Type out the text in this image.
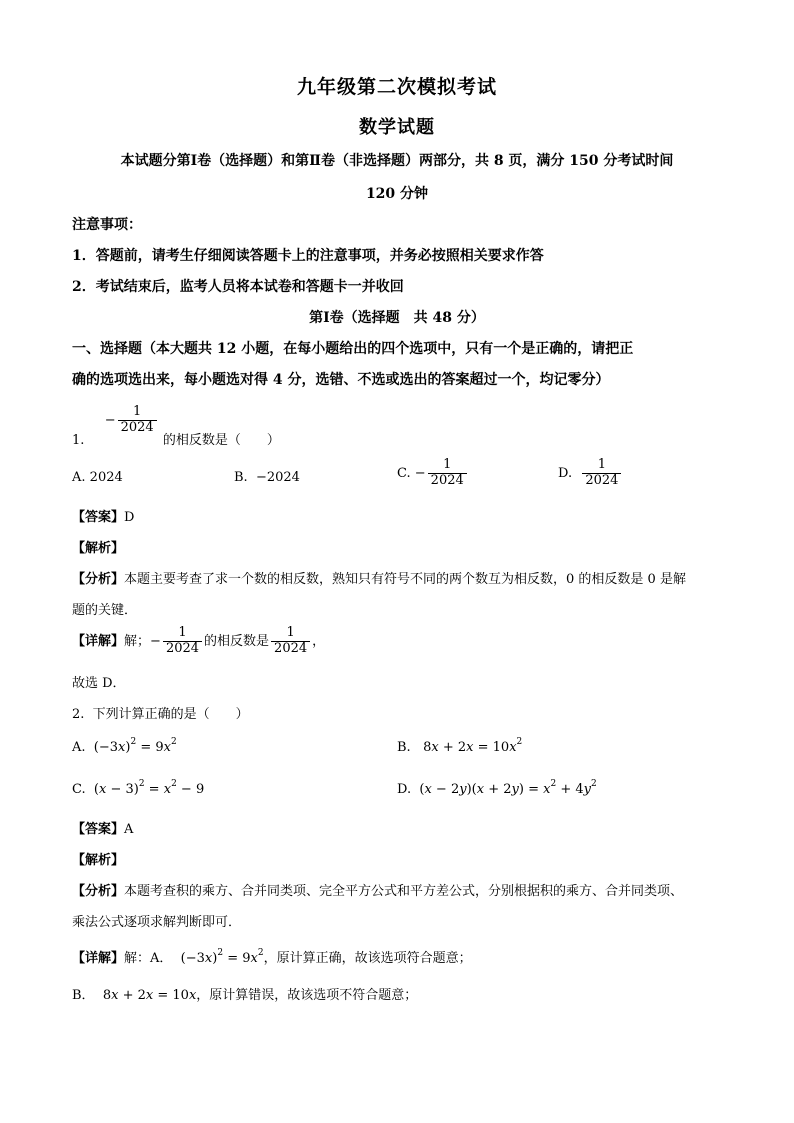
九年级第二次模拟考试
数学试题
本试题分第Ⅰ卷（选择题）和第Ⅱ卷（非选择题）两部分，共 8 页，满分 150 分考试时间
120 分钟
注意事项：
1．答题前，请考生仔细阅读答题卡上的注意事项，并务必按照相关要求作答
2．考试结束后，监考人员将本试卷和答题卡一并收回
第Ⅰ卷（选择题　共 48 分）
一、选择题（本大题共 12 小题，在每小题给出的四个选项中，只有一个是正确的，请把正
确的选项选出来，每小题选对得 4 分，选错、不选或选出的答案超过一个，均记零分）
1.  − $\frac{1}{2024}$
的相反数是（　　）
A. 2024	B. −2024	C. − $\frac{1}{2024}$	D. $\frac{1}{2024}$
【答案】D
【解析】
【分析】本题主要考查了求一个数的相反数，熟知只有符号不同的两个数互为相反数，0 的相反数是 0 是解
题的关键．
【详解】解；− $\frac{1}{2024}$ 的相反数是 $\frac{1}{2024}$ ，
故选 D．
2. 下列计算正确的是（　　）
A. $(-3x)^2 = 9x^2$	B. $8x + 2x = 10x^2$
C. $(x - 3)^2 = x^2 - 9$	D. $(x - 2y)(x + 2y) = x^2 + 4y^2$
【答案】A
【解析】
【分析】本题考查积的乘方、合并同类项、完全平方公式和平方差公式，分别根据积的乘方、合并同类项、
乘法公式逐项求解判断即可．
【详解】解：A． $(-3x)^2 = 9x^2$，原计算正确，故该选项符合题意；
B． 8x + 2x = 10x，原计算错误，故该选项不符合题意；
